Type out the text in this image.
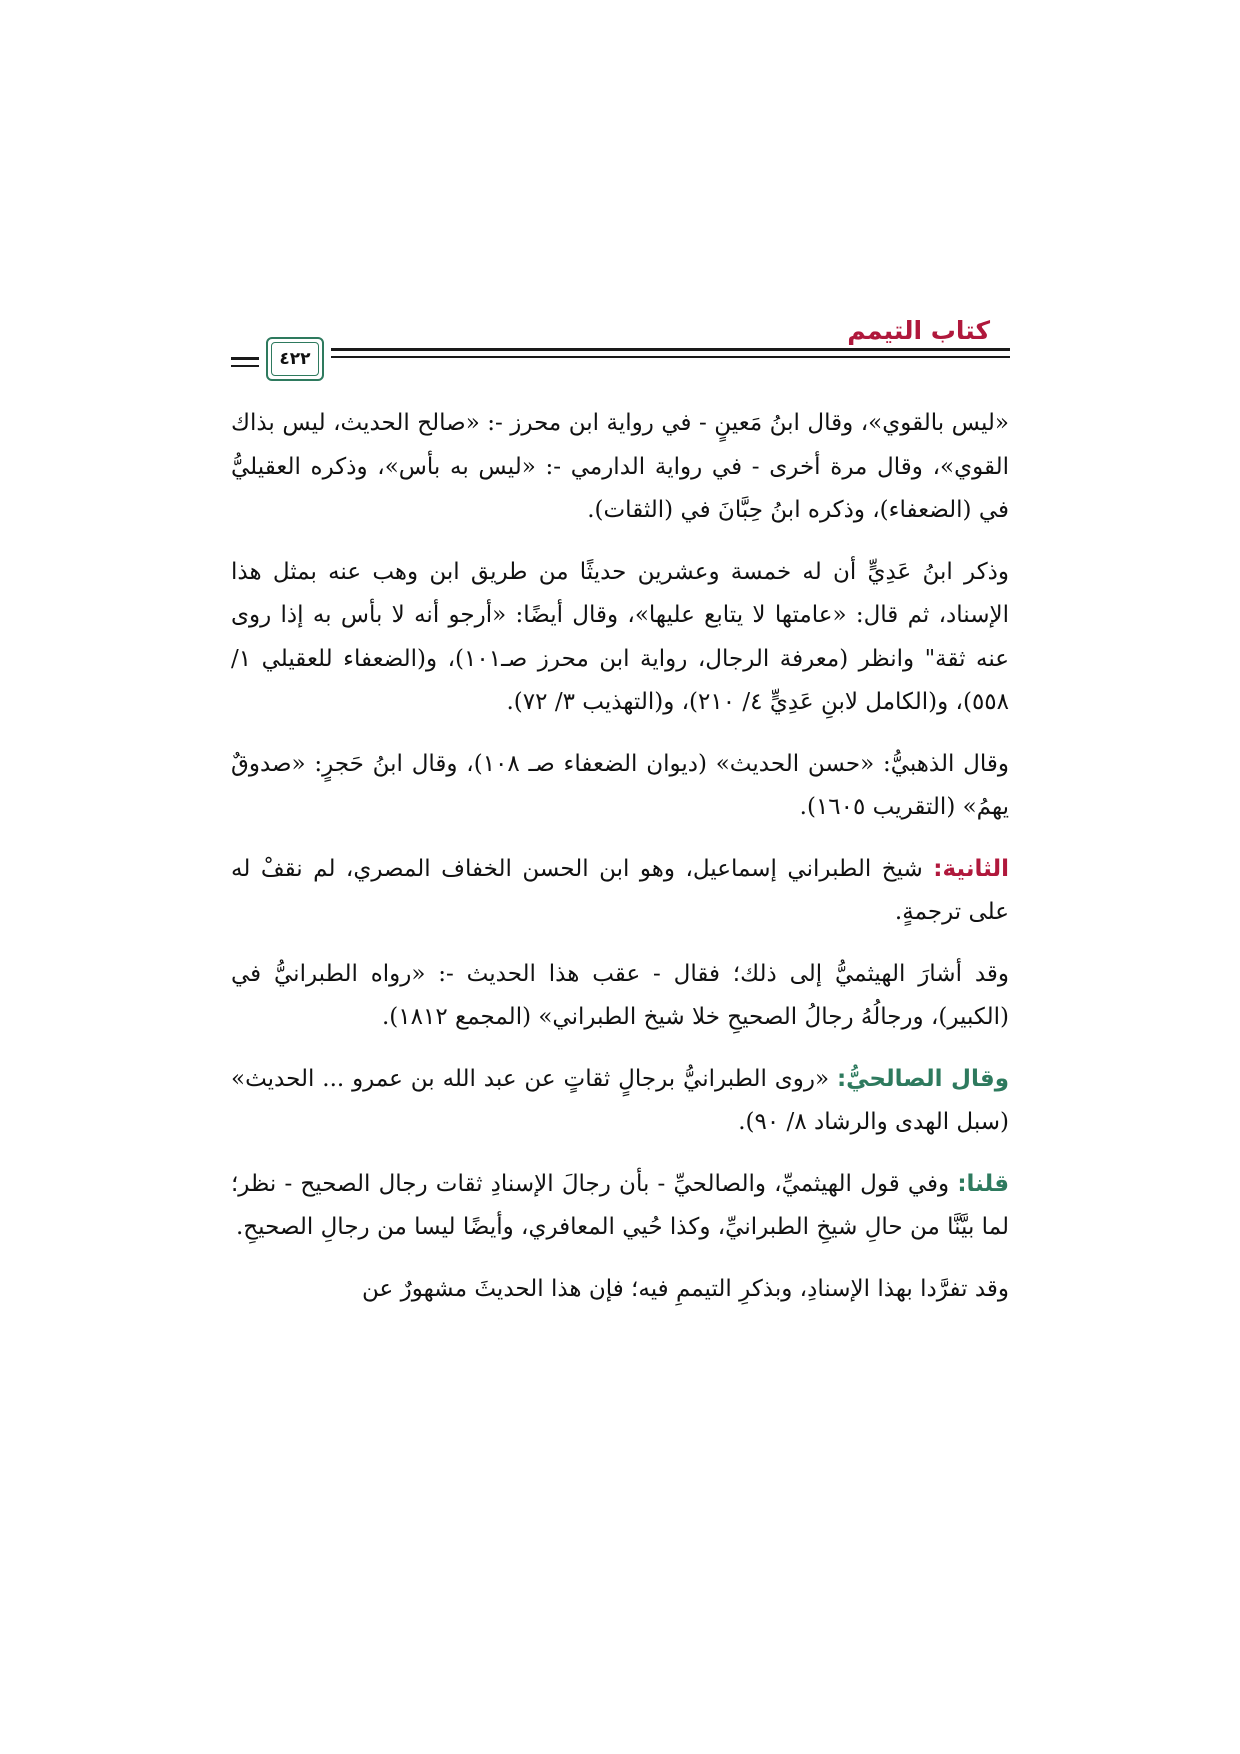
كتاب التيمم
٤٢٢

«ليس بالقوي»، وقال ابنُ مَعينٍ - في رواية ابن محرز -: «صالح الحديث، ليس بذاك القوي»، وقال مرة أخرى - في رواية الدارمي -: «ليس به بأس»، وذكره العقيليُّ في (الضعفاء)، وذكره ابنُ حِبَّانَ في (الثقات).

وذكر ابنُ عَدِيٍّ أن له خمسة وعشرين حديثًا من طريق ابن وهب عنه بمثل هذا الإسناد، ثم قال: «عامتها لا يتابع عليها»، وقال أيضًا: «أرجو أنه لا بأس به إذا روى عنه ثقة" وانظر (معرفة الرجال، رواية ابن محرز صـ١٠١)، و(الضعفاء للعقيلي ١/ ٥٥٨)، و(الكامل لابنِ عَدِيٍّ ٤/ ٢١٠)، و(التهذيب ٣/ ٧٢).

وقال الذهبيُّ: «حسن الحديث» (ديوان الضعفاء صـ ١٠٨)، وقال ابنُ حَجرٍ: «صدوقٌ يهمُ» (التقريب ١٦٠٥).

الثانية: شيخ الطبراني إسماعيل، وهو ابن الحسن الخفاف المصري، لم نقفْ له على ترجمةٍ.

وقد أشارَ الهيثميُّ إلى ذلك؛ فقال - عقب هذا الحديث -: «رواه الطبرانيُّ في (الكبير)، ورجالُهُ رجالُ الصحيحِ خلا شيخ الطبراني» (المجمع ١٨١٢).

وقال الصالحيُّ: «روى الطبرانيُّ برجالٍ ثقاتٍ عن عبد الله بن عمرو ... الحديث» (سبل الهدى والرشاد ٨/ ٩٠).

قلنا: وفي قول الهيثميِّ، والصالحيِّ - بأن رجالَ الإسنادِ ثقات رجال الصحيح - نظر؛ لما بيَّنَّا من حالِ شيخِ الطبرانيِّ، وكذا حُيي المعافري، وأيضًا ليسا من رجالِ الصحيحِ.

وقد تفرَّدا بهذا الإسنادِ، وبذكرِ التيممِ فيه؛ فإن هذا الحديثَ مشهورٌ عن
